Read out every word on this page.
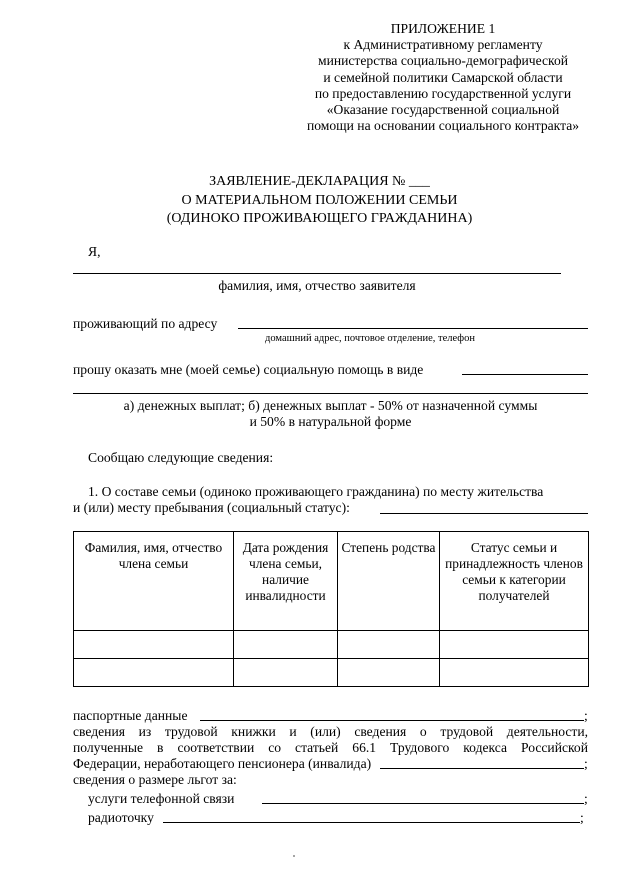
ПРИЛОЖЕНИЕ 1
к Административному регламенту
министерства социально-демографической
и семейной политики Самарской области
по предоставлению государственной услуги
«Оказание государственной социальной
помощи на основании социального контракта»
ЗАЯВЛЕНИЕ-ДЕКЛАРАЦИЯ № ___
О МАТЕРИАЛЬНОМ ПОЛОЖЕНИИ СЕМЬИ
(ОДИНОКО ПРОЖИВАЮЩЕГО ГРАЖДАНИНА)
Я,
фамилия, имя, отчество заявителя
проживающий по адресу
домашний адрес, почтовое отделение, телефон
прошу оказать мне (моей семье) социальную помощь в виде
а) денежных выплат; б) денежных выплат - 50% от назначенной суммы
и 50% в натуральной форме
Сообщаю следующие сведения:
1. О составе семьи (одиноко проживающего гражданина) по месту жительства
и (или) месту пребывания (социальный статус):
Фамилия, имя, отчество члена семьи	Дата рождения члена семьи, наличие инвалидности	Степень родства	Статус семьи и принадлежность членов семьи к категории получателей

паспортные данные	;
сведения из трудовой книжки и (или) сведения о трудовой деятельности,
полученные в соответствии со статьей 66.1 Трудового кодекса Российской
Федерации, неработающего пенсионера (инвалида)	;
сведения о размере льгот за:
услуги телефонной связи	;
радиоточку	;
